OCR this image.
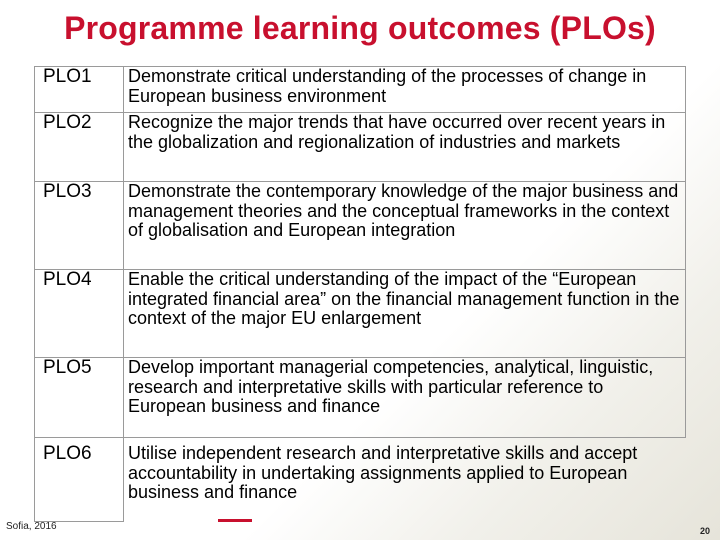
Programme learning outcomes (PLOs)
PLO1	Demonstrate critical understanding of the processes of change in European business environment

PLO2	Recognize the major trends that have occurred over recent years in the globalization and regionalization of industries and markets

PLO3	Demonstrate the contemporary knowledge of the major business and management theories and the conceptual frameworks in the context of globalisation and European integration

PLO4	Enable the critical understanding of the impact of the “European integrated financial area” on the financial management function in the context of the major EU enlargement

PLO5	Develop important managerial competencies, analytical, linguistic, research and interpretative skills with particular reference to European business and finance

PLO6	Utilise independent research and interpretative skills and accept accountability in undertaking assignments applied to European business and finance
Sofia, 2016	20
